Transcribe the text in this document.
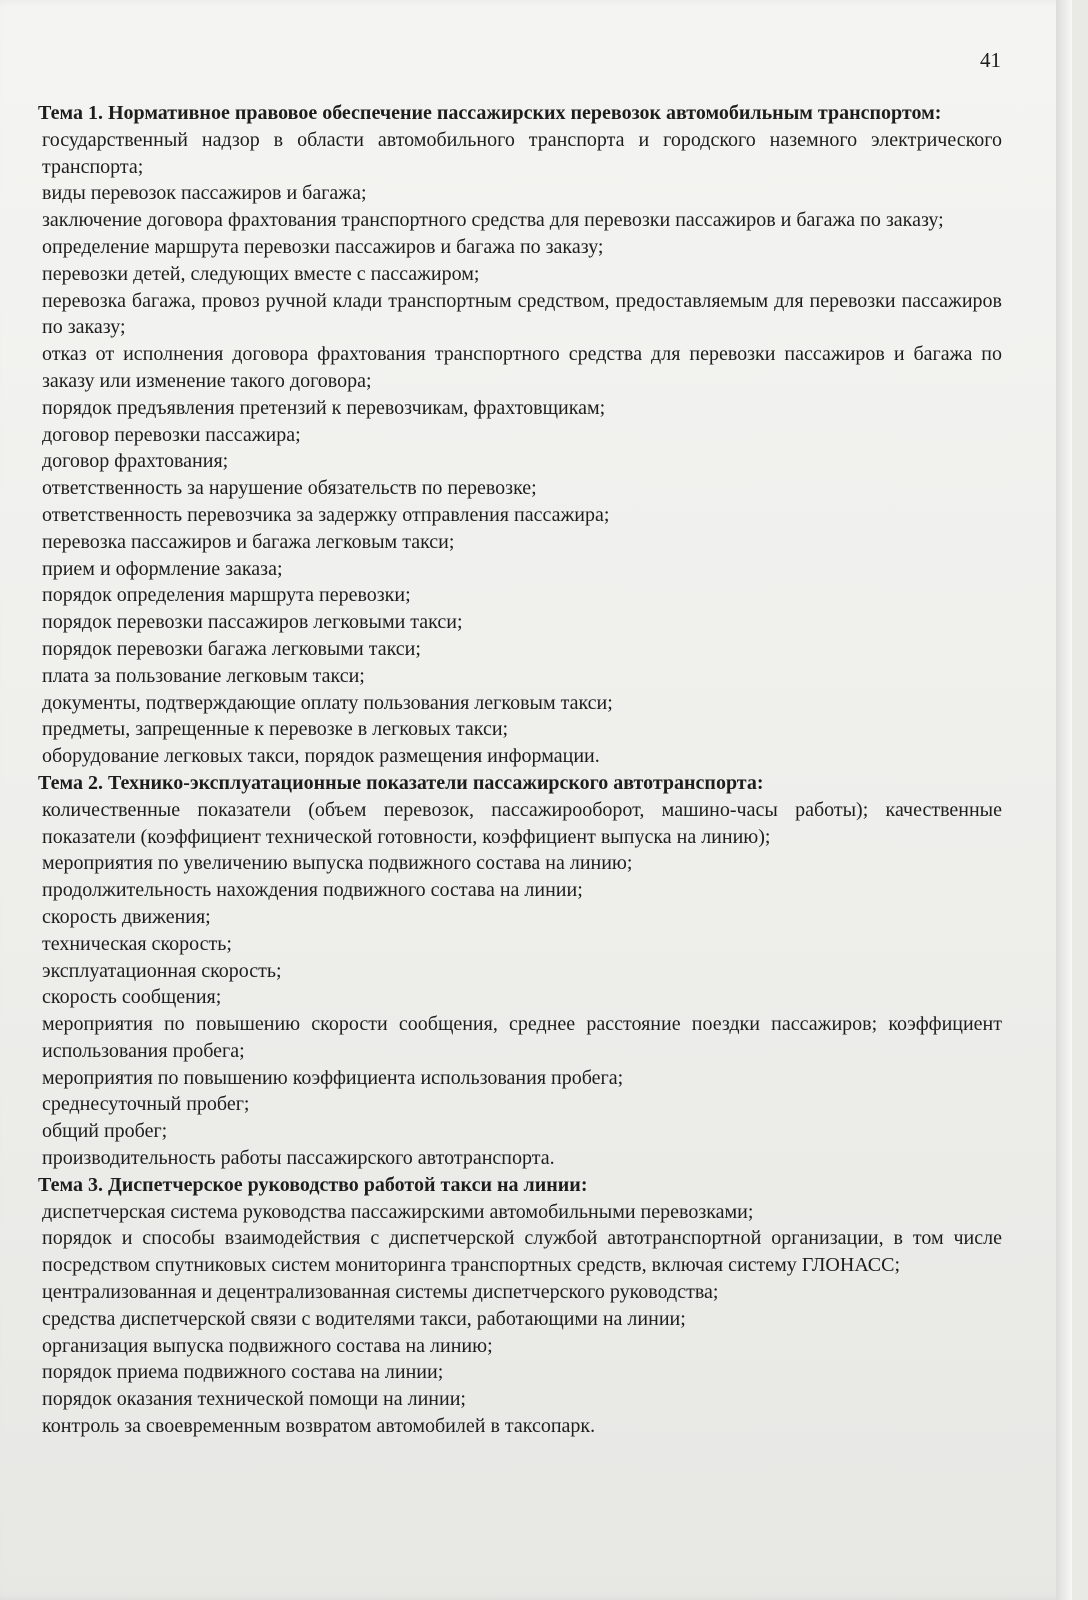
41

Тема 1. Нормативное правовое обеспечение пассажирских перевозок автомобильным транспортом:

государственный надзор в области автомобильного транспорта и городского наземного электрического транспорта;

виды перевозок пассажиров и багажа;

заключение договора фрахтования транспортного средства для перевозки пассажиров и багажа по заказу;

определение маршрута перевозки пассажиров и багажа по заказу;

перевозки детей, следующих вместе с пассажиром;

перевозка багажа, провоз ручной клади транспортным средством, предоставляемым для перевозки пассажиров по заказу;

отказ от исполнения договора фрахтования транспортного средства для перевозки пассажиров и багажа по заказу или изменение такого договора;

порядок предъявления претензий к перевозчикам, фрахтовщикам;

договор перевозки пассажира;

договор фрахтования;

ответственность за нарушение обязательств по перевозке;

ответственность перевозчика за задержку отправления пассажира;

перевозка пассажиров и багажа легковым такси;

прием и оформление заказа;

порядок определения маршрута перевозки;

порядок перевозки пассажиров легковыми такси;

порядок перевозки багажа легковыми такси;

плата за пользование легковым такси;

документы, подтверждающие оплату пользования легковым такси;

предметы, запрещенные к перевозке в легковых такси;

оборудование легковых такси, порядок размещения информации.

Тема 2. Технико-эксплуатационные показатели пассажирского автотранспорта:

количественные показатели (объем перевозок, пассажирооборот, машино-часы работы); качественные показатели (коэффициент технической готовности, коэффициент выпуска на линию);

мероприятия по увеличению выпуска подвижного состава на линию;

продолжительность нахождения подвижного состава на линии;

скорость движения;

техническая скорость;

эксплуатационная скорость;

скорость сообщения;

мероприятия по повышению скорости сообщения, среднее расстояние поездки пассажиров; коэффициент использования пробега;

мероприятия по повышению коэффициента использования пробега;

среднесуточный пробег;

общий пробег;

производительность работы пассажирского автотранспорта.

Тема 3. Диспетчерское руководство работой такси на линии:

диспетчерская система руководства пассажирскими автомобильными перевозками;

порядок и способы взаимодействия с диспетчерской службой автотранспортной организации, в том числе посредством спутниковых систем мониторинга транспортных средств, включая систему ГЛОНАСС;

централизованная и децентрализованная системы диспетчерского руководства;

средства диспетчерской связи с водителями такси, работающими на линии;

организация выпуска подвижного состава на линию;

порядок приема подвижного состава на линии;

порядок оказания технической помощи на линии;

контроль за своевременным возвратом автомобилей в таксопарк.
